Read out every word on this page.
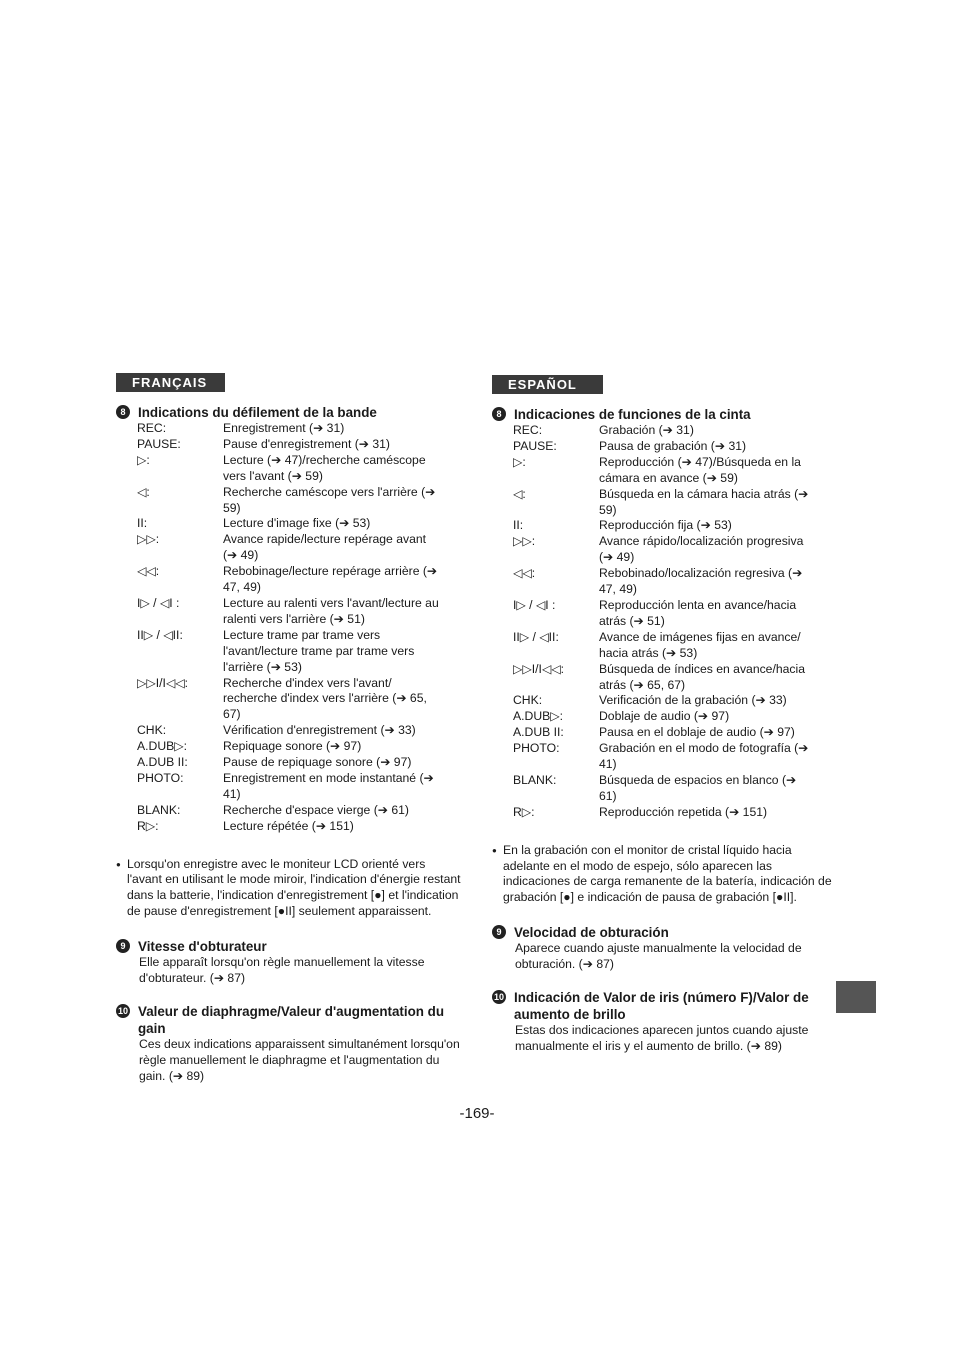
FRANÇAIS
8 Indications du défilement de la bande
REC:	Enregistrement (➔ 31)
PAUSE:	Pause d'enregistrement (➔ 31)
▷:	Lecture (➔ 47)/recherche caméscope vers l'avant (➔ 59)
◁:	Recherche caméscope vers l'arrière (➔ 59)
II:	Lecture d'image fixe (➔ 53)
▷▷:	Avance rapide/lecture repérage avant (➔ 49)
◁◁:	Rebobinage/lecture repérage arrière (➔ 47, 49)
I▷ / ◁I :	Lecture au ralenti vers l'avant/lecture au ralenti vers l'arrière (➔ 51)
II▷ / ◁II:	Lecture trame par trame vers l'avant/lecture trame par trame vers l'arrière (➔ 53)
▷▷I/I◁◁:	Recherche d'index vers l'avant/ recherche d'index vers l'arrière (➔ 65, 67)
CHK:	Vérification d'enregistrement (➔ 33)
A.DUB▷:	Repiquage sonore (➔ 97)
A.DUB II:	Pause de repiquage sonore (➔ 97)
PHOTO:	Enregistrement en mode instantané (➔ 41)
BLANK:	Recherche d'espace vierge (➔ 61)
R▷:	Lecture répétée (➔ 151)
● Lorsqu'on enregistre avec le moniteur LCD orienté vers l'avant en utilisant le mode miroir, l'indication d'énergie restant dans la batterie, l'indication d'enregistrement [●] et l'indication de pause d'enregistrement [●II] seulement apparaissent.
9 Vitesse d'obturateur
Elle apparaît lorsqu'on règle manuellement la vitesse d'obturateur. (➔ 87)
10 Valeur de diaphragme/Valeur d'augmentation du gain
Ces deux indications apparaissent simultanément lorsqu'on règle manuellement le diaphragme et l'augmentation du gain. (➔ 89)
ESPAÑOL
8 Indicaciones de funciones de la cinta
REC:	Grabación (➔ 31)
PAUSE:	Pausa de grabación (➔ 31)
▷:	Reproducción (➔ 47)/Búsqueda en la cámara en avance (➔ 59)
◁:	Búsqueda en la cámara hacia atrás (➔ 59)
II:	Reproducción fija (➔ 53)
▷▷:	Avance rápido/localización progresiva (➔ 49)
◁◁:	Rebobinado/localización regresiva (➔ 47, 49)
I▷ / ◁I :	Reproducción lenta en avance/hacia atrás (➔ 51)
II▷ / ◁II:	Avance de imágenes fijas en avance/ hacia atrás (➔ 53)
▷▷I/I◁◁:	Búsqueda de índices en avance/hacia atrás (➔ 65, 67)
CHK:	Verificación de la grabación (➔ 33)
A.DUB▷:	Doblaje de audio (➔ 97)
A.DUB II:	Pausa en el doblaje de audio (➔ 97)
PHOTO:	Grabación en el modo de fotografía (➔ 41)
BLANK:	Búsqueda de espacios en blanco (➔ 61)
R▷:	Reproducción repetida (➔ 151)
● En la grabación con el monitor de cristal líquido hacia adelante en el modo de espejo, sólo aparecen las indicaciones de carga remanente de la batería, indicación de grabación [●] e indicación de pausa de grabación [●II].
9 Velocidad de obturación
Aparece cuando ajuste manualmente la velocidad de obturación. (➔ 87)
10 Indicación de Valor de iris (número F)/Valor de aumento de brillo
Estas dos indicaciones aparecen juntos cuando ajuste manualmente el iris y el aumento de brillo. (➔ 89)
-169-
